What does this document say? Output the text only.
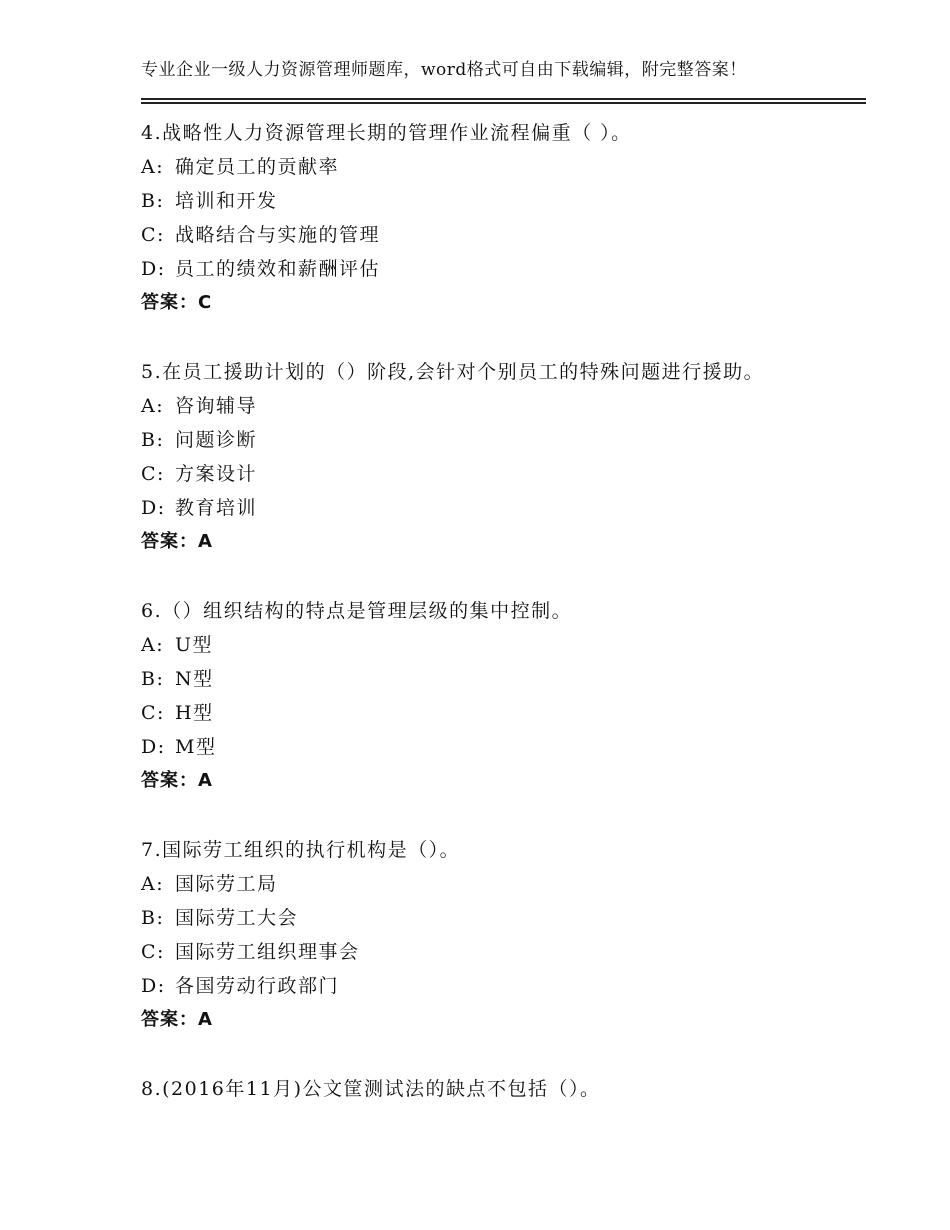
专业企业一级人力资源管理师题库，word格式可自由下载编辑，附完整答案！
4.战略性人力资源管理长期的管理作业流程偏重（ ）。
A: 确定员工的贡献率
B: 培训和开发
C: 战略结合与实施的管理
D: 员工的绩效和薪酬评估
答案：C
5.在员工援助计划的（）阶段,会针对个别员工的特殊问题进行援助。
A: 咨询辅导
B: 问题诊断
C: 方案设计
D: 教育培训
答案：A
6.（）组织结构的特点是管理层级的集中控制。
A: U型
B: N型
C: H型
D: M型
答案：A
7.国际劳工组织的执行机构是（）。
A: 国际劳工局
B: 国际劳工大会
C: 国际劳工组织理事会
D: 各国劳动行政部门
答案：A
8.(2016年11月)公文筐测试法的缺点不包括（）。
